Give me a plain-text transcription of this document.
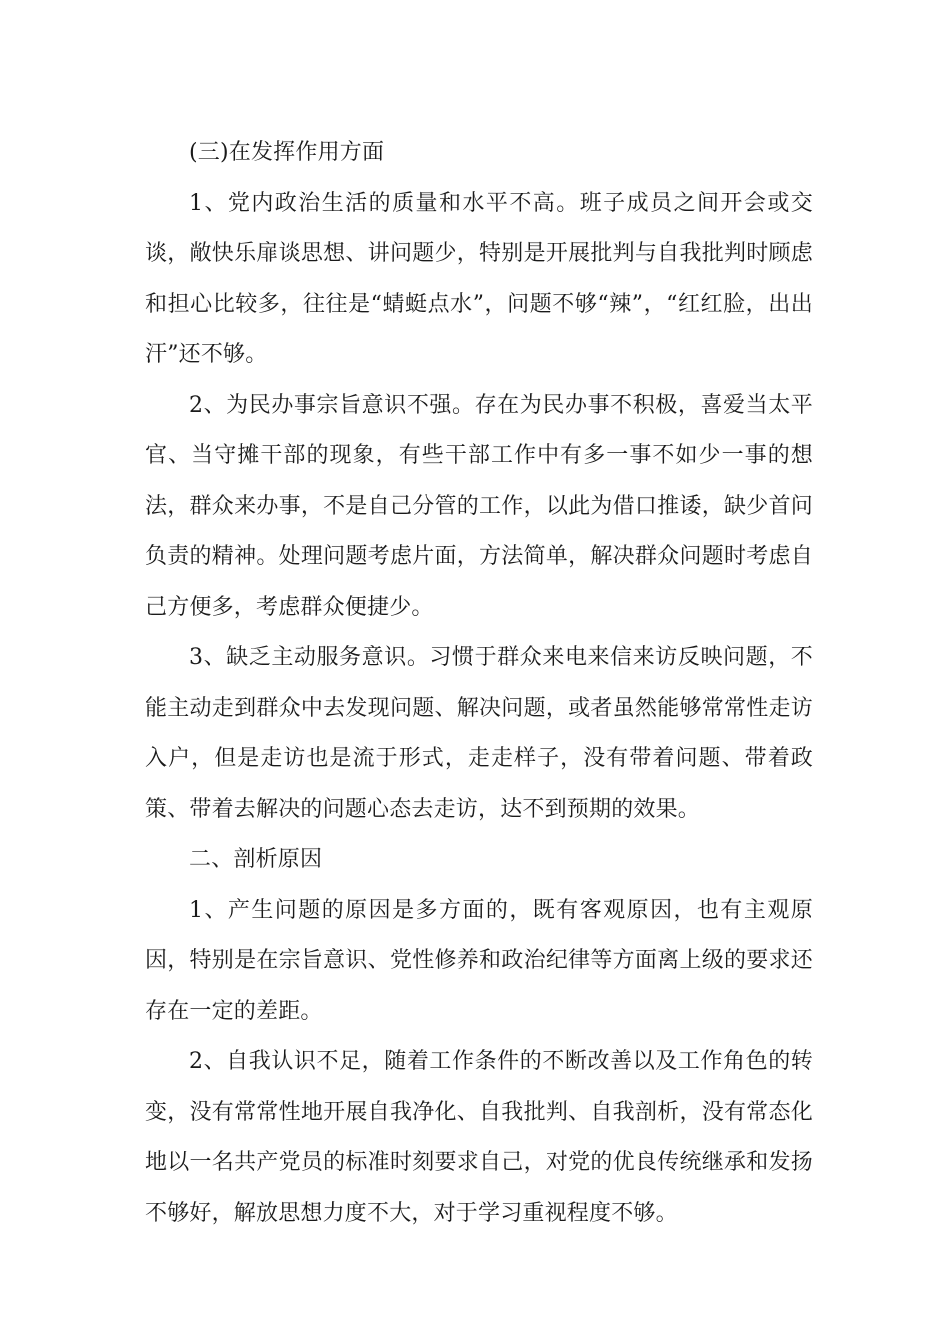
(三)在发挥作用方面

1、党内政治生活的质量和水平不高。班子成员之间开会或交谈，敞快乐扉谈思想、讲问题少，特别是开展批判与自我批判时顾虑和担心比较多，往往是“蜻蜓点水”，问题不够“辣”，“红红脸，出出汗”还不够。

2、为民办事宗旨意识不强。存在为民办事不积极，喜爱当太平官、当守摊干部的现象，有些干部工作中有多一事不如少一事的想法，群众来办事，不是自己分管的工作，以此为借口推诿，缺少首问负责的精神。处理问题考虑片面，方法简单，解决群众问题时考虑自己方便多，考虑群众便捷少。

3、缺乏主动服务意识。习惯于群众来电来信来访反映问题，不能主动走到群众中去发现问题、解决问题，或者虽然能够常常性走访入户，但是走访也是流于形式，走走样子，没有带着问题、带着政策、带着去解决的问题心态去走访，达不到预期的效果。

二、剖析原因

1、产生问题的原因是多方面的，既有客观原因，也有主观原因，特别是在宗旨意识、党性修养和政治纪律等方面离上级的要求还存在一定的差距。

2、自我认识不足，随着工作条件的不断改善以及工作角色的转变，没有常常性地开展自我净化、自我批判、自我剖析，没有常态化地以一名共产党员的标准时刻要求自己，对党的优良传统继承和发扬不够好，解放思想力度不大，对于学习重视程度不够。
